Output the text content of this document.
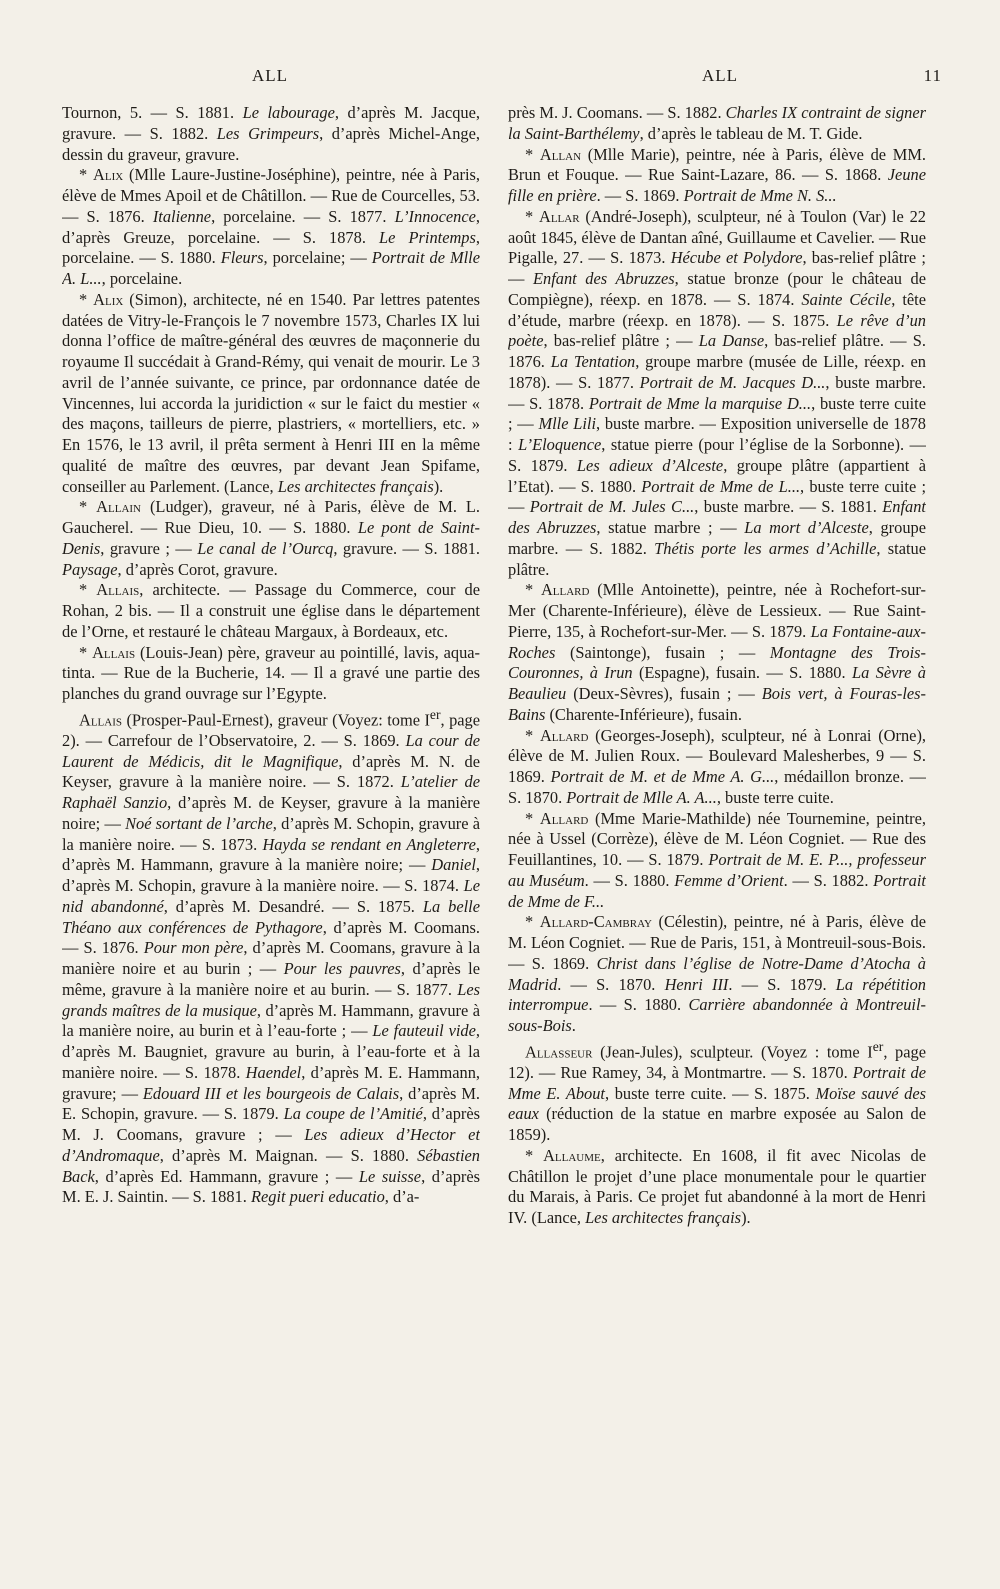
ALL	ALL	11

Tournon, 5. — S. 1881. Le labourage, d’après M. Jacque, gravure. — S. 1882. Les Grimpeurs, d’après Michel-Ange, dessin du graveur, gravure.

* Alix (Mlle Laure-Justine-Joséphine), peintre, née à Paris, élève de Mmes Apoil et de Châtillon. — Rue de Courcelles, 53. — S. 1876. Italienne, porcelaine. — S. 1877. L’Innocence, d’après Greuze, porcelaine. — S. 1878. Le Printemps, porcelaine. — S. 1880. Fleurs, porcelaine; — Portrait de Mlle A. L..., porcelaine.

* Alix (Simon), architecte, né en 1540. Par lettres patentes datées de Vitry-le-François le 7 novembre 1573, Charles IX lui donna l’office de maître-général des œuvres de maçonnerie du royaume Il succédait à Grand-Rémy, qui venait de mourir. Le 3 avril de l’année suivante, ce prince, par ordonnance datée de Vincennes, lui accorda la juridiction « sur le faict du mestier « des maçons, tailleurs de pierre, plastriers, « mortelliers, etc. » En 1576, le 13 avril, il prêta serment à Henri III en la même qualité de maître des œuvres, par devant Jean Spifame, conseiller au Parlement. (Lance, Les architectes français).

* Allain (Ludger), graveur, né à Paris, élève de M. L. Gaucherel. — Rue Dieu, 10. — S. 1880. Le pont de Saint-Denis, gravure ; — Le canal de l’Ourcq, gravure. — S. 1881. Paysage, d’après Corot, gravure.

* Allais, architecte. — Passage du Commerce, cour de Rohan, 2 bis. — Il a construit une église dans le département de l’Orne, et restauré le château Margaux, à Bordeaux, etc.

* Allais (Louis-Jean) père, graveur au pointillé, lavis, aqua-tinta. — Rue de la Bucherie, 14. — Il a gravé une partie des planches du grand ouvrage sur l’Egypte.

Allais (Prosper-Paul-Ernest), graveur (Voyez: tome Ier, page 2). — Carrefour de l’Observatoire, 2. — S. 1869. La cour de Laurent de Médicis, dit le Magnifique, d’après M. N. de Keyser, gravure à la manière noire. — S. 1872. L’atelier de Raphaël Sanzio, d’après M. de Keyser, gravure à la manière noire; — Noé sortant de l’arche, d’après M. Schopin, gravure à la manière noire. — S. 1873. Hayda se rendant en Angleterre, d’après M. Hammann, gravure à la manière noire; — Daniel, d’après M. Schopin, gravure à la manière noire. — S. 1874. Le nid abandonné, d’après M. Desandré. — S. 1875. La belle Théano aux conférences de Pythagore, d’après M. Coomans. — S. 1876. Pour mon père, d’après M. Coomans, gravure à la manière noire et au burin ; — Pour les pauvres, d’après le même, gravure à la manière noire et au burin. — S. 1877. Les grands maîtres de la musique, d’après M. Hammann, gravure à la manière noire, au burin et à l’eau-forte ; — Le fauteuil vide, d’après M. Baugniet, gravure au burin, à l’eau-forte et à la manière noire. — S. 1878. Haendel, d’après M. E. Hammann, gravure; — Edouard III et les bourgeois de Calais, d’après M. E. Schopin, gravure. — S. 1879. La coupe de l’Amitié, d’après M. J. Coomans, gravure ; — Les adieux d’Hector et d’Andromaque, d’après M. Maignan. — S. 1880. Sébastien Back, d’après Ed. Hammann, gravure ; — Le suisse, d’après M. E. J. Saintin. — S. 1881. Regit pueri educatio, d’a-

près M. J. Coomans. — S. 1882. Charles IX contraint de signer la Saint-Barthélemy, d’après le tableau de M. T. Gide.

* Allan (Mlle Marie), peintre, née à Paris, élève de MM. Brun et Fouque. — Rue Saint-Lazare, 86. — S. 1868. Jeune fille en prière. — S. 1869. Portrait de Mme N. S...

* Allar (André-Joseph), sculpteur, né à Toulon (Var) le 22 août 1845, élève de Dantan aîné, Guillaume et Cavelier. — Rue Pigalle, 27. — S. 1873. Hécube et Polydore, bas-relief plâtre ; — Enfant des Abruzzes, statue bronze (pour le château de Compiègne), réexp. en 1878. — S. 1874. Sainte Cécile, tête d’étude, marbre (réexp. en 1878). — S. 1875. Le rêve d’un poète, bas-relief plâtre ; — La Danse, bas-relief plâtre. — S. 1876. La Tentation, groupe marbre (musée de Lille, réexp. en 1878). — S. 1877. Portrait de M. Jacques D..., buste marbre. — S. 1878. Portrait de Mme la marquise D..., buste terre cuite ; — Mlle Lili, buste marbre. — Exposition universelle de 1878 : L’Eloquence, statue pierre (pour l’église de la Sorbonne). — S. 1879. Les adieux d’Alceste, groupe plâtre (appartient à l’Etat). — S. 1880. Portrait de Mme de L..., buste terre cuite ; — Portrait de M. Jules C..., buste marbre. — S. 1881. Enfant des Abruzzes, statue marbre ; — La mort d’Alceste, groupe marbre. — S. 1882. Thétis porte les armes d’Achille, statue plâtre.

* Allard (Mlle Antoinette), peintre, née à Rochefort-sur-Mer (Charente-Inférieure), élève de Lessieux. — Rue Saint-Pierre, 135, à Rochefort-sur-Mer. — S. 1879. La Fontaine-aux-Roches (Saintonge), fusain ; — Montagne des Trois-Couronnes, à Irun (Espagne), fusain. — S. 1880. La Sèvre à Beaulieu (Deux-Sèvres), fusain ; — Bois vert, à Fouras-les-Bains (Charente-Inférieure), fusain.

* Allard (Georges-Joseph), sculpteur, né à Lonrai (Orne), élève de M. Julien Roux. — Boulevard Malesherbes, 9 — S. 1869. Portrait de M. et de Mme A. G..., médaillon bronze. — S. 1870. Portrait de Mlle A. A..., buste terre cuite.

* Allard (Mme Marie-Mathilde) née Tournemine, peintre, née à Ussel (Corrèze), élève de M. Léon Cogniet. — Rue des Feuillantines, 10. — S. 1879. Portrait de M. E. P..., professeur au Muséum. — S. 1880. Femme d’Orient. — S. 1882. Portrait de Mme de F...

* Allard-Cambray (Célestin), peintre, né à Paris, élève de M. Léon Cogniet. — Rue de Paris, 151, à Montreuil-sous-Bois. — S. 1869. Christ dans l’église de Notre-Dame d’Atocha à Madrid. — S. 1870. Henri III. — S. 1879. La répétition interrompue. — S. 1880. Carrière abandonnée à Montreuil-sous-Bois.

Allasseur (Jean-Jules), sculpteur. (Voyez : tome Ier, page 12). — Rue Ramey, 34, à Montmartre. — S. 1870. Portrait de Mme E. About, buste terre cuite. — S. 1875. Moïse sauvé des eaux (réduction de la statue en marbre exposée au Salon de 1859).

* Allaume, architecte. En 1608, il fit avec Nicolas de Châtillon le projet d’une place monumentale pour le quartier du Marais, à Paris. Ce projet fut abandonné à la mort de Henri IV. (Lance, Les architectes français).
